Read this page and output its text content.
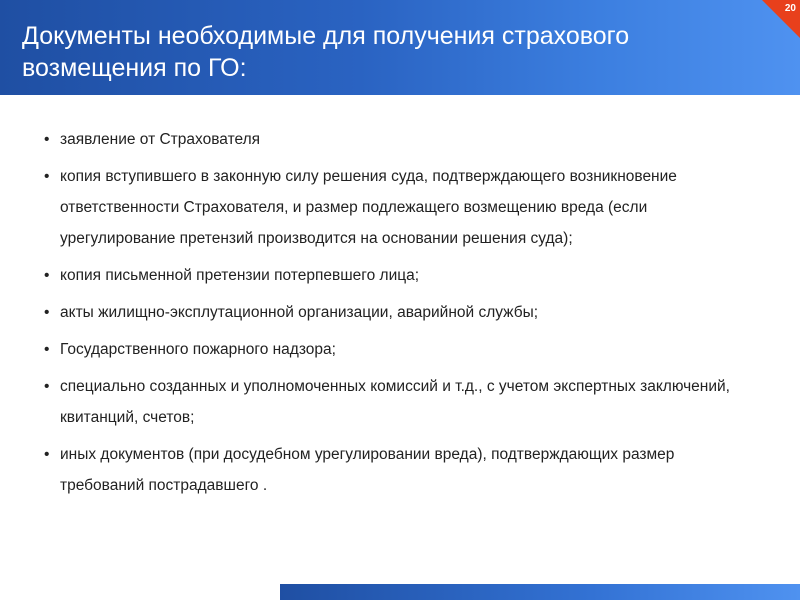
Документы необходимые для получения страхового возмещения по ГО:
20
• заявление от Страхователя
• копия вступившего в законную силу решения суда, подтверждающего возникновение ответственности Страхователя, и размер подлежащего возмещению вреда (если урегулирование претензий производится на основании решения суда);
• копия письменной претензии потерпевшего лица;
• акты жилищно-эксплутационной организации, аварийной службы;
• Государственного пожарного надзора;
• специально созданных и уполномоченных комиссий и т.д., с учетом экспертных заключений, квитанций, счетов;
• иных документов (при досудебном урегулировании вреда), подтверждающих размер требований пострадавшего .
